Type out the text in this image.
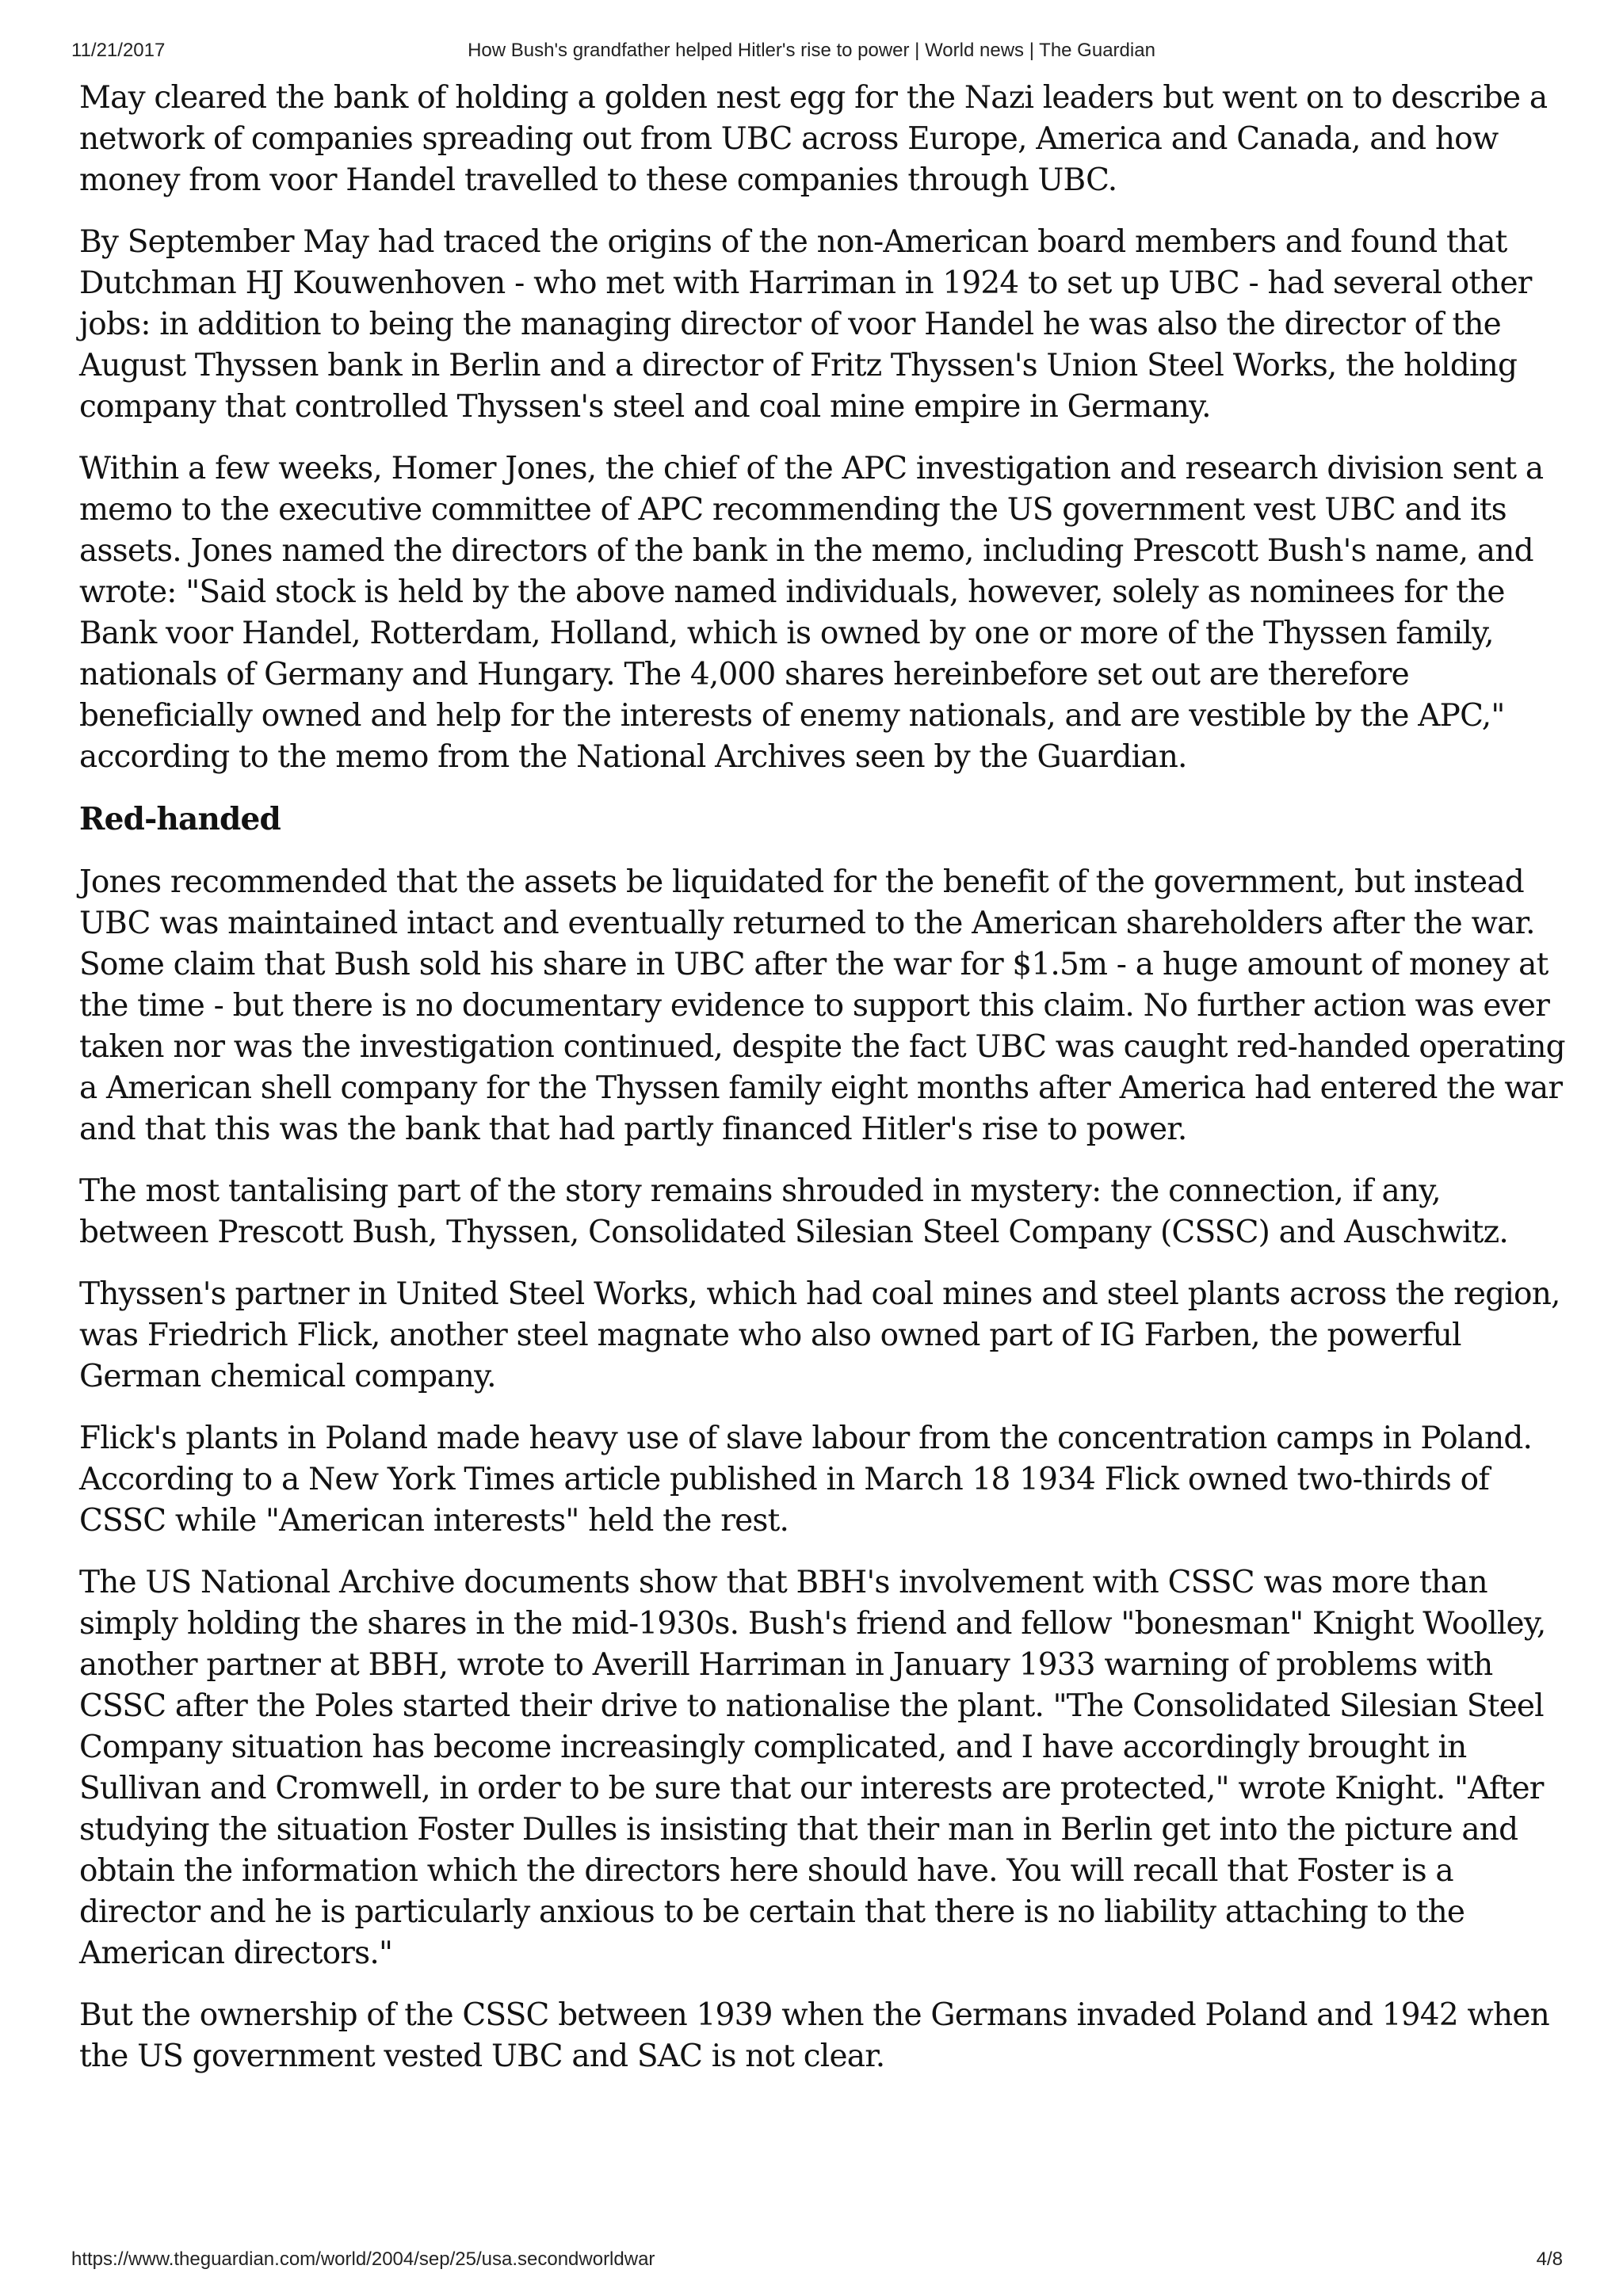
11/21/2017	How Bush's grandfather helped Hitler's rise to power | World news | The Guardian

May cleared the bank of holding a golden nest egg for the Nazi leaders but went on to describe a network of companies spreading out from UBC across Europe, America and Canada, and how money from voor Handel travelled to these companies through UBC.

By September May had traced the origins of the non-American board members and found that Dutchman HJ Kouwenhoven - who met with Harriman in 1924 to set up UBC - had several other jobs: in addition to being the managing director of voor Handel he was also the director of the August Thyssen bank in Berlin and a director of Fritz Thyssen's Union Steel Works, the holding company that controlled Thyssen's steel and coal mine empire in Germany.

Within a few weeks, Homer Jones, the chief of the APC investigation and research division sent a memo to the executive committee of APC recommending the US government vest UBC and its assets. Jones named the directors of the bank in the memo, including Prescott Bush's name, and wrote: "Said stock is held by the above named individuals, however, solely as nominees for the Bank voor Handel, Rotterdam, Holland, which is owned by one or more of the Thyssen family, nationals of Germany and Hungary. The 4,000 shares hereinbefore set out are therefore beneficially owned and help for the interests of enemy nationals, and are vestible by the APC," according to the memo from the National Archives seen by the Guardian.

Red-handed

Jones recommended that the assets be liquidated for the benefit of the government, but instead UBC was maintained intact and eventually returned to the American shareholders after the war. Some claim that Bush sold his share in UBC after the war for $1.5m - a huge amount of money at the time - but there is no documentary evidence to support this claim. No further action was ever taken nor was the investigation continued, despite the fact UBC was caught red-handed operating a American shell company for the Thyssen family eight months after America had entered the war and that this was the bank that had partly financed Hitler's rise to power.

The most tantalising part of the story remains shrouded in mystery: the connection, if any, between Prescott Bush, Thyssen, Consolidated Silesian Steel Company (CSSC) and Auschwitz.

Thyssen's partner in United Steel Works, which had coal mines and steel plants across the region, was Friedrich Flick, another steel magnate who also owned part of IG Farben, the powerful German chemical company.

Flick's plants in Poland made heavy use of slave labour from the concentration camps in Poland. According to a New York Times article published in March 18 1934 Flick owned two-thirds of CSSC while "American interests" held the rest.

The US National Archive documents show that BBH's involvement with CSSC was more than simply holding the shares in the mid-1930s. Bush's friend and fellow "bonesman" Knight Woolley, another partner at BBH, wrote to Averill Harriman in January 1933 warning of problems with CSSC after the Poles started their drive to nationalise the plant. "The Consolidated Silesian Steel Company situation has become increasingly complicated, and I have accordingly brought in Sullivan and Cromwell, in order to be sure that our interests are protected," wrote Knight. "After studying the situation Foster Dulles is insisting that their man in Berlin get into the picture and obtain the information which the directors here should have. You will recall that Foster is a director and he is particularly anxious to be certain that there is no liability attaching to the American directors."

But the ownership of the CSSC between 1939 when the Germans invaded Poland and 1942 when the US government vested UBC and SAC is not clear.

https://www.theguardian.com/world/2004/sep/25/usa.secondworldwar	4/8
